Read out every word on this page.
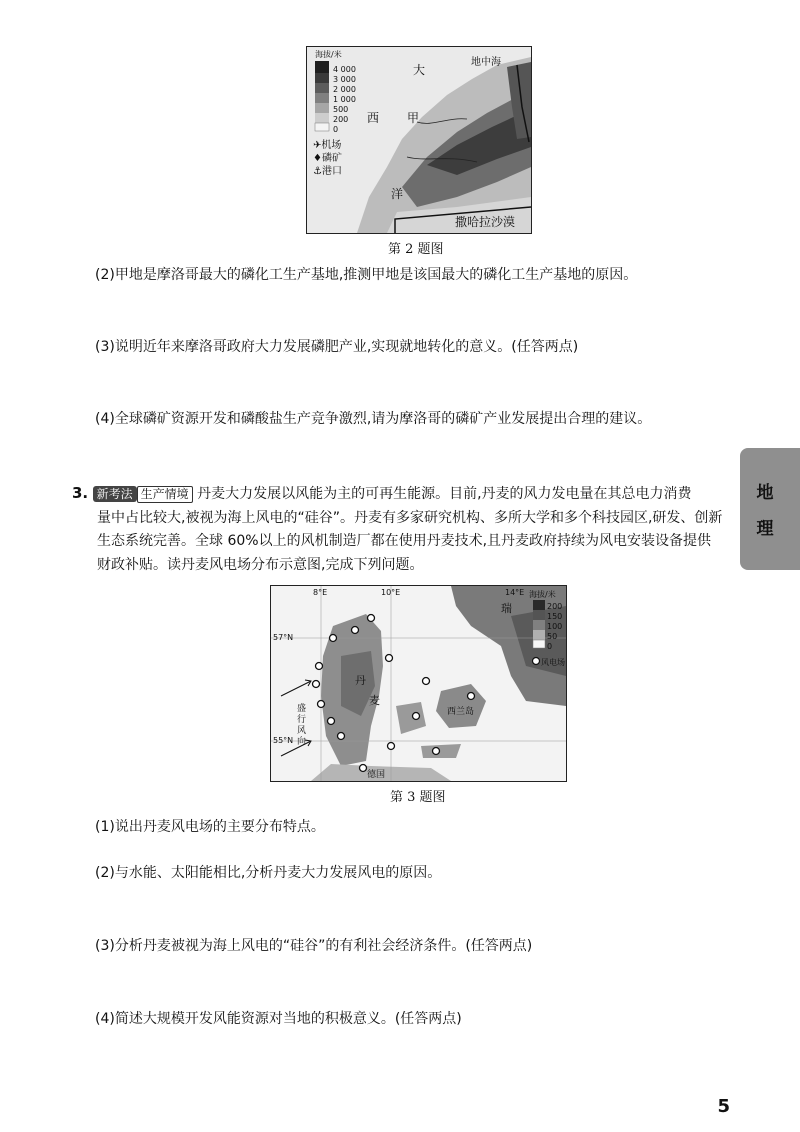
海拔/米
4 000
3 000
2 000
1 000
500
200
0
✈机场
♦磷矿
⚓港口
地中海
大
西
洋
甲
撒哈拉沙漠
第 2 题图
(2)甲地是摩洛哥最大的磷化工生产基地,推测甲地是该国最大的磷化工生产基地的原因。
(3)说明近年来摩洛哥政府大力发展磷肥产业,实现就地转化的意义。(任答两点)
(4)全球磷矿资源开发和磷酸盐生产竞争激烈,请为摩洛哥的磷矿产业发展提出合理的建议。
地
理
3. 新考法 生产情境 丹麦大力发展以风能为主的可再生能源。目前,丹麦的风力发电量在其总电力消费
量中占比较大,被视为海上风电的“硅谷”。丹麦有多家研究机构、多所大学和多个科技园区,研发、创新
生态系统完善。全球 60%以上的风机制造厂都在使用丹麦技术,且丹麦政府持续为风电安装设备提供
财政补贴。读丹麦风电场分布示意图,完成下列问题。
海拔/米
200
150
100
50
0
风电场
8°E	10°E	14°E
57°N
55°N
丹
麦
瑞
德国
西兰岛
盛
行
风
向
第 3 题图
(1)说出丹麦风电场的主要分布特点。
(2)与水能、太阳能相比,分析丹麦大力发展风电的原因。
(3)分析丹麦被视为海上风电的“硅谷”的有利社会经济条件。(任答两点)
(4)简述大规模开发风能资源对当地的积极意义。(任答两点)
5
